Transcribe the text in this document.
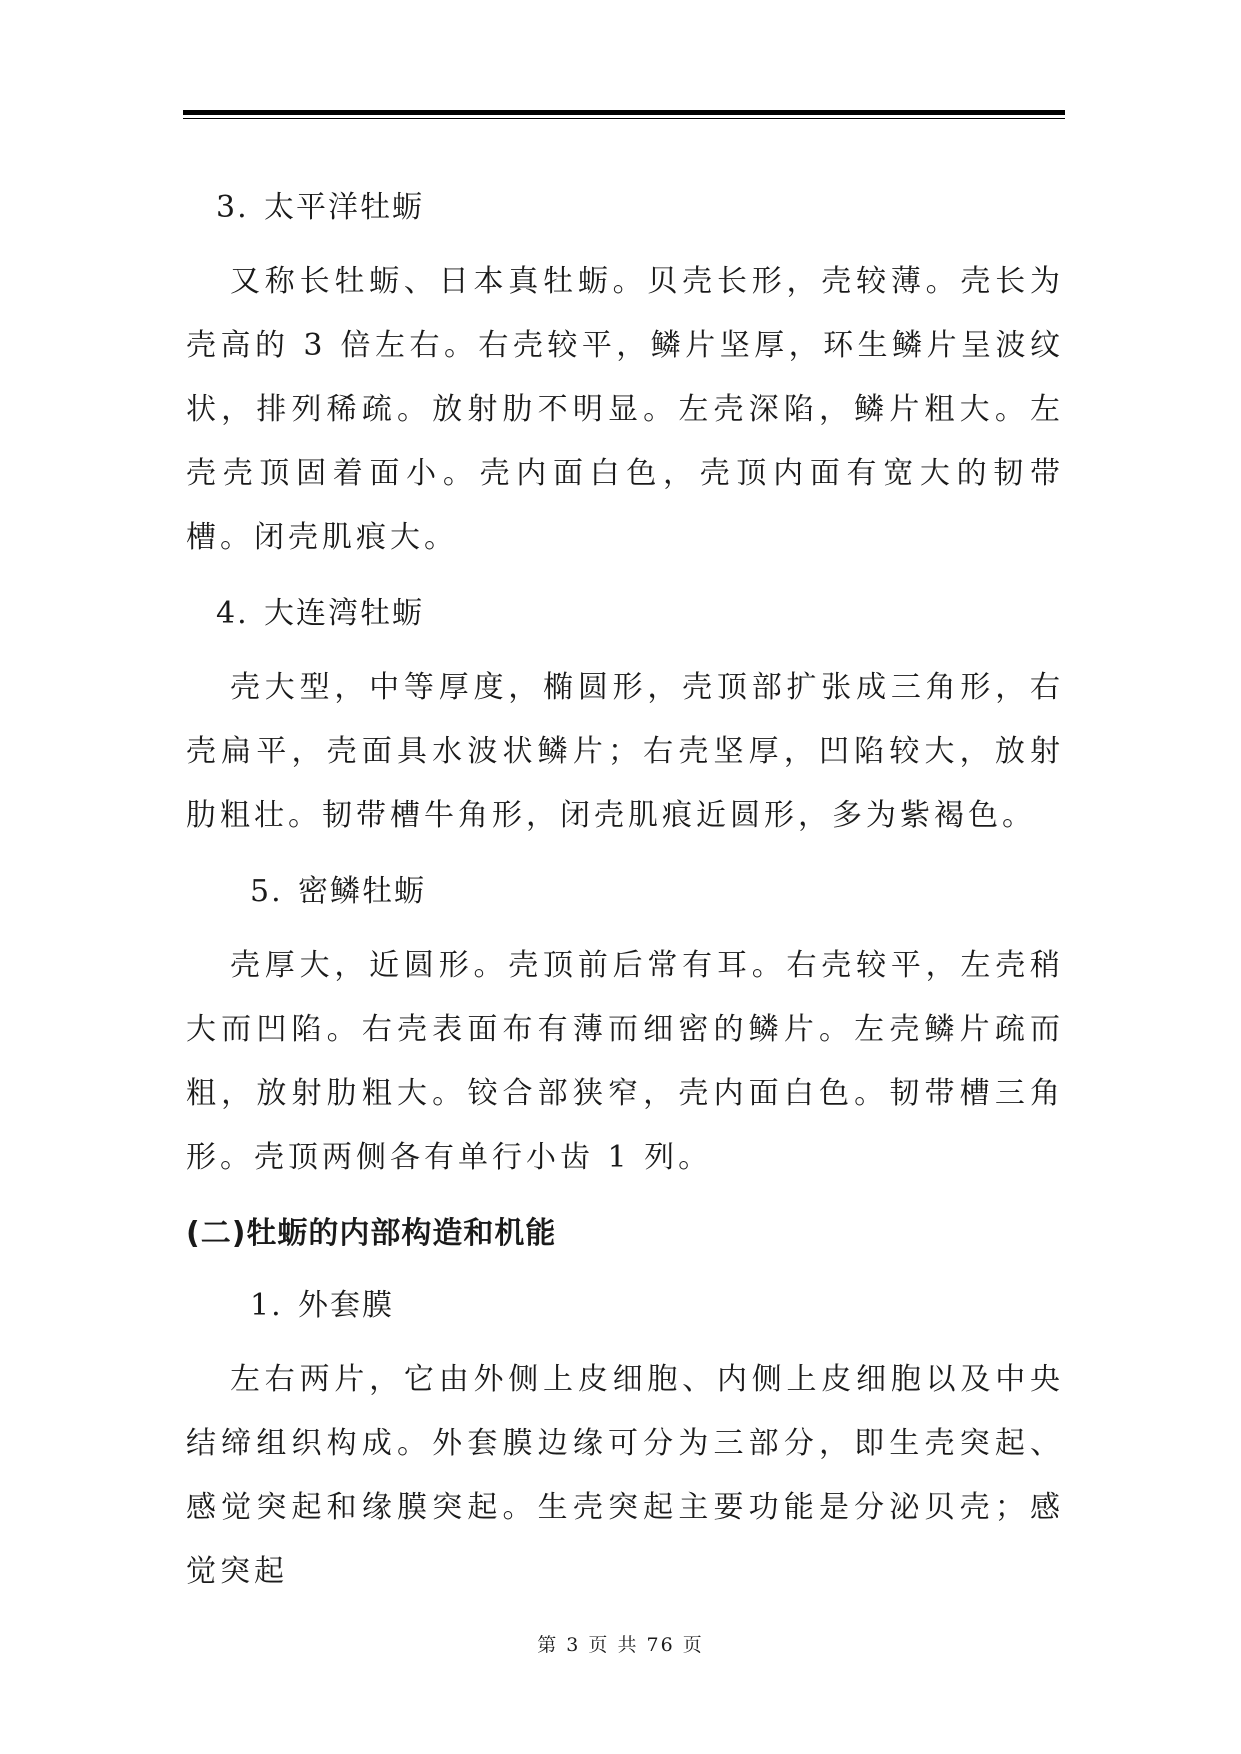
3. 太平洋牡蛎

又称长牡蛎、日本真牡蛎。贝壳长形，壳较薄。壳长为壳高的 3 倍左右。右壳较平，鳞片坚厚，环生鳞片呈波纹状，排列稀疏。放射肋不明显。左壳深陷，鳞片粗大。左壳壳顶固着面小。壳内面白色，壳顶内面有宽大的韧带槽。闭壳肌痕大。

4. 大连湾牡蛎

壳大型，中等厚度，椭圆形，壳顶部扩张成三角形，右壳扁平，壳面具水波状鳞片；右壳坚厚，凹陷较大，放射肋粗壮。韧带槽牛角形，闭壳肌痕近圆形，多为紫褐色。

5. 密鳞牡蛎

壳厚大，近圆形。壳顶前后常有耳。右壳较平，左壳稍大而凹陷。右壳表面布有薄而细密的鳞片。左壳鳞片疏而粗，放射肋粗大。铰合部狭窄，壳内面白色。韧带槽三角形。壳顶两侧各有单行小齿 1 列。

(二)牡蛎的内部构造和机能
1. 外套膜

左右两片，它由外侧上皮细胞、内侧上皮细胞以及中央结缔组织构成。外套膜边缘可分为三部分，即生壳突起、感觉突起和缘膜突起。生壳突起主要功能是分泌贝壳；感觉突起

第 3 页 共 76 页
